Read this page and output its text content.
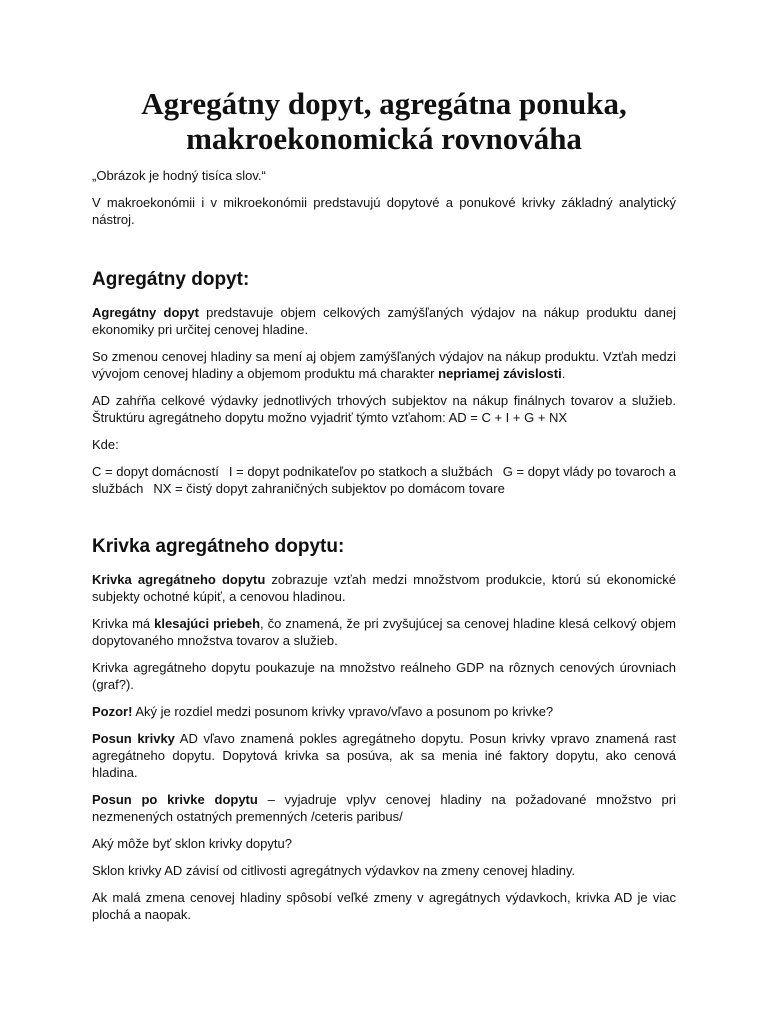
Agregátny dopyt, agregátna ponuka,
makroekonomická rovnováha

„Obrázok je hodný tisíca slov.“

V makroekonómii i v mikroekonómii predstavujú dopytové a ponukové krivky základný analytický nástroj.

Agregátny dopyt:

Agregátny dopyt predstavuje objem celkových zamýšľaných výdajov na nákup produktu danej ekonomiky pri určitej cenovej hladine.

So zmenou cenovej hladiny sa mení aj objem zamýšľaných výdajov na nákup produktu. Vzťah medzi vývojom cenovej hladiny a objemom produktu má charakter nepriamej závislosti.

AD zahŕňa celkové výdavky jednotlivých trhových subjektov na nákup finálnych tovarov a služieb. Štruktúru agregátneho dopytu možno vyjadriť týmto vzťahom: AD = C + I + G + NX

Kde:

C = dopyt domácností I = dopyt podnikateľov po statkoch a službách G = dopyt vlády po tovaroch a službách NX = čistý dopyt zahraničných subjektov po domácom tovare

Krivka agregátneho dopytu:

Krivka agregátneho dopytu zobrazuje vzťah medzi množstvom produkcie, ktorú sú ekonomické subjekty ochotné kúpiť, a cenovou hladinou.

Krivka má klesajúci priebeh, čo znamená, že pri zvyšujúcej sa cenovej hladine klesá celkový objem dopytovaného množstva tovarov a služieb.

Krivka agregátneho dopytu poukazuje na množstvo reálneho GDP na rôznych cenových úrovniach (graf?).

Pozor! Aký je rozdiel medzi posunom krivky vpravo/vľavo a posunom po krivke?

Posun krivky AD vľavo znamená pokles agregátneho dopytu. Posun krivky vpravo znamená rast agregátneho dopytu. Dopytová krivka sa posúva, ak sa menia iné faktory dopytu, ako cenová hladina.

Posun po krivke dopytu – vyjadruje vplyv cenovej hladiny na požadované množstvo pri nezmenených ostatných premenných /ceteris paribus/

Aký môže byť sklon krivky dopytu?

Sklon krivky AD závisí od citlivosti agregátnych výdavkov na zmeny cenovej hladiny.

Ak malá zmena cenovej hladiny spôsobí veľké zmeny v agregátnych výdavkoch, krivka AD je viac plochá a naopak.
